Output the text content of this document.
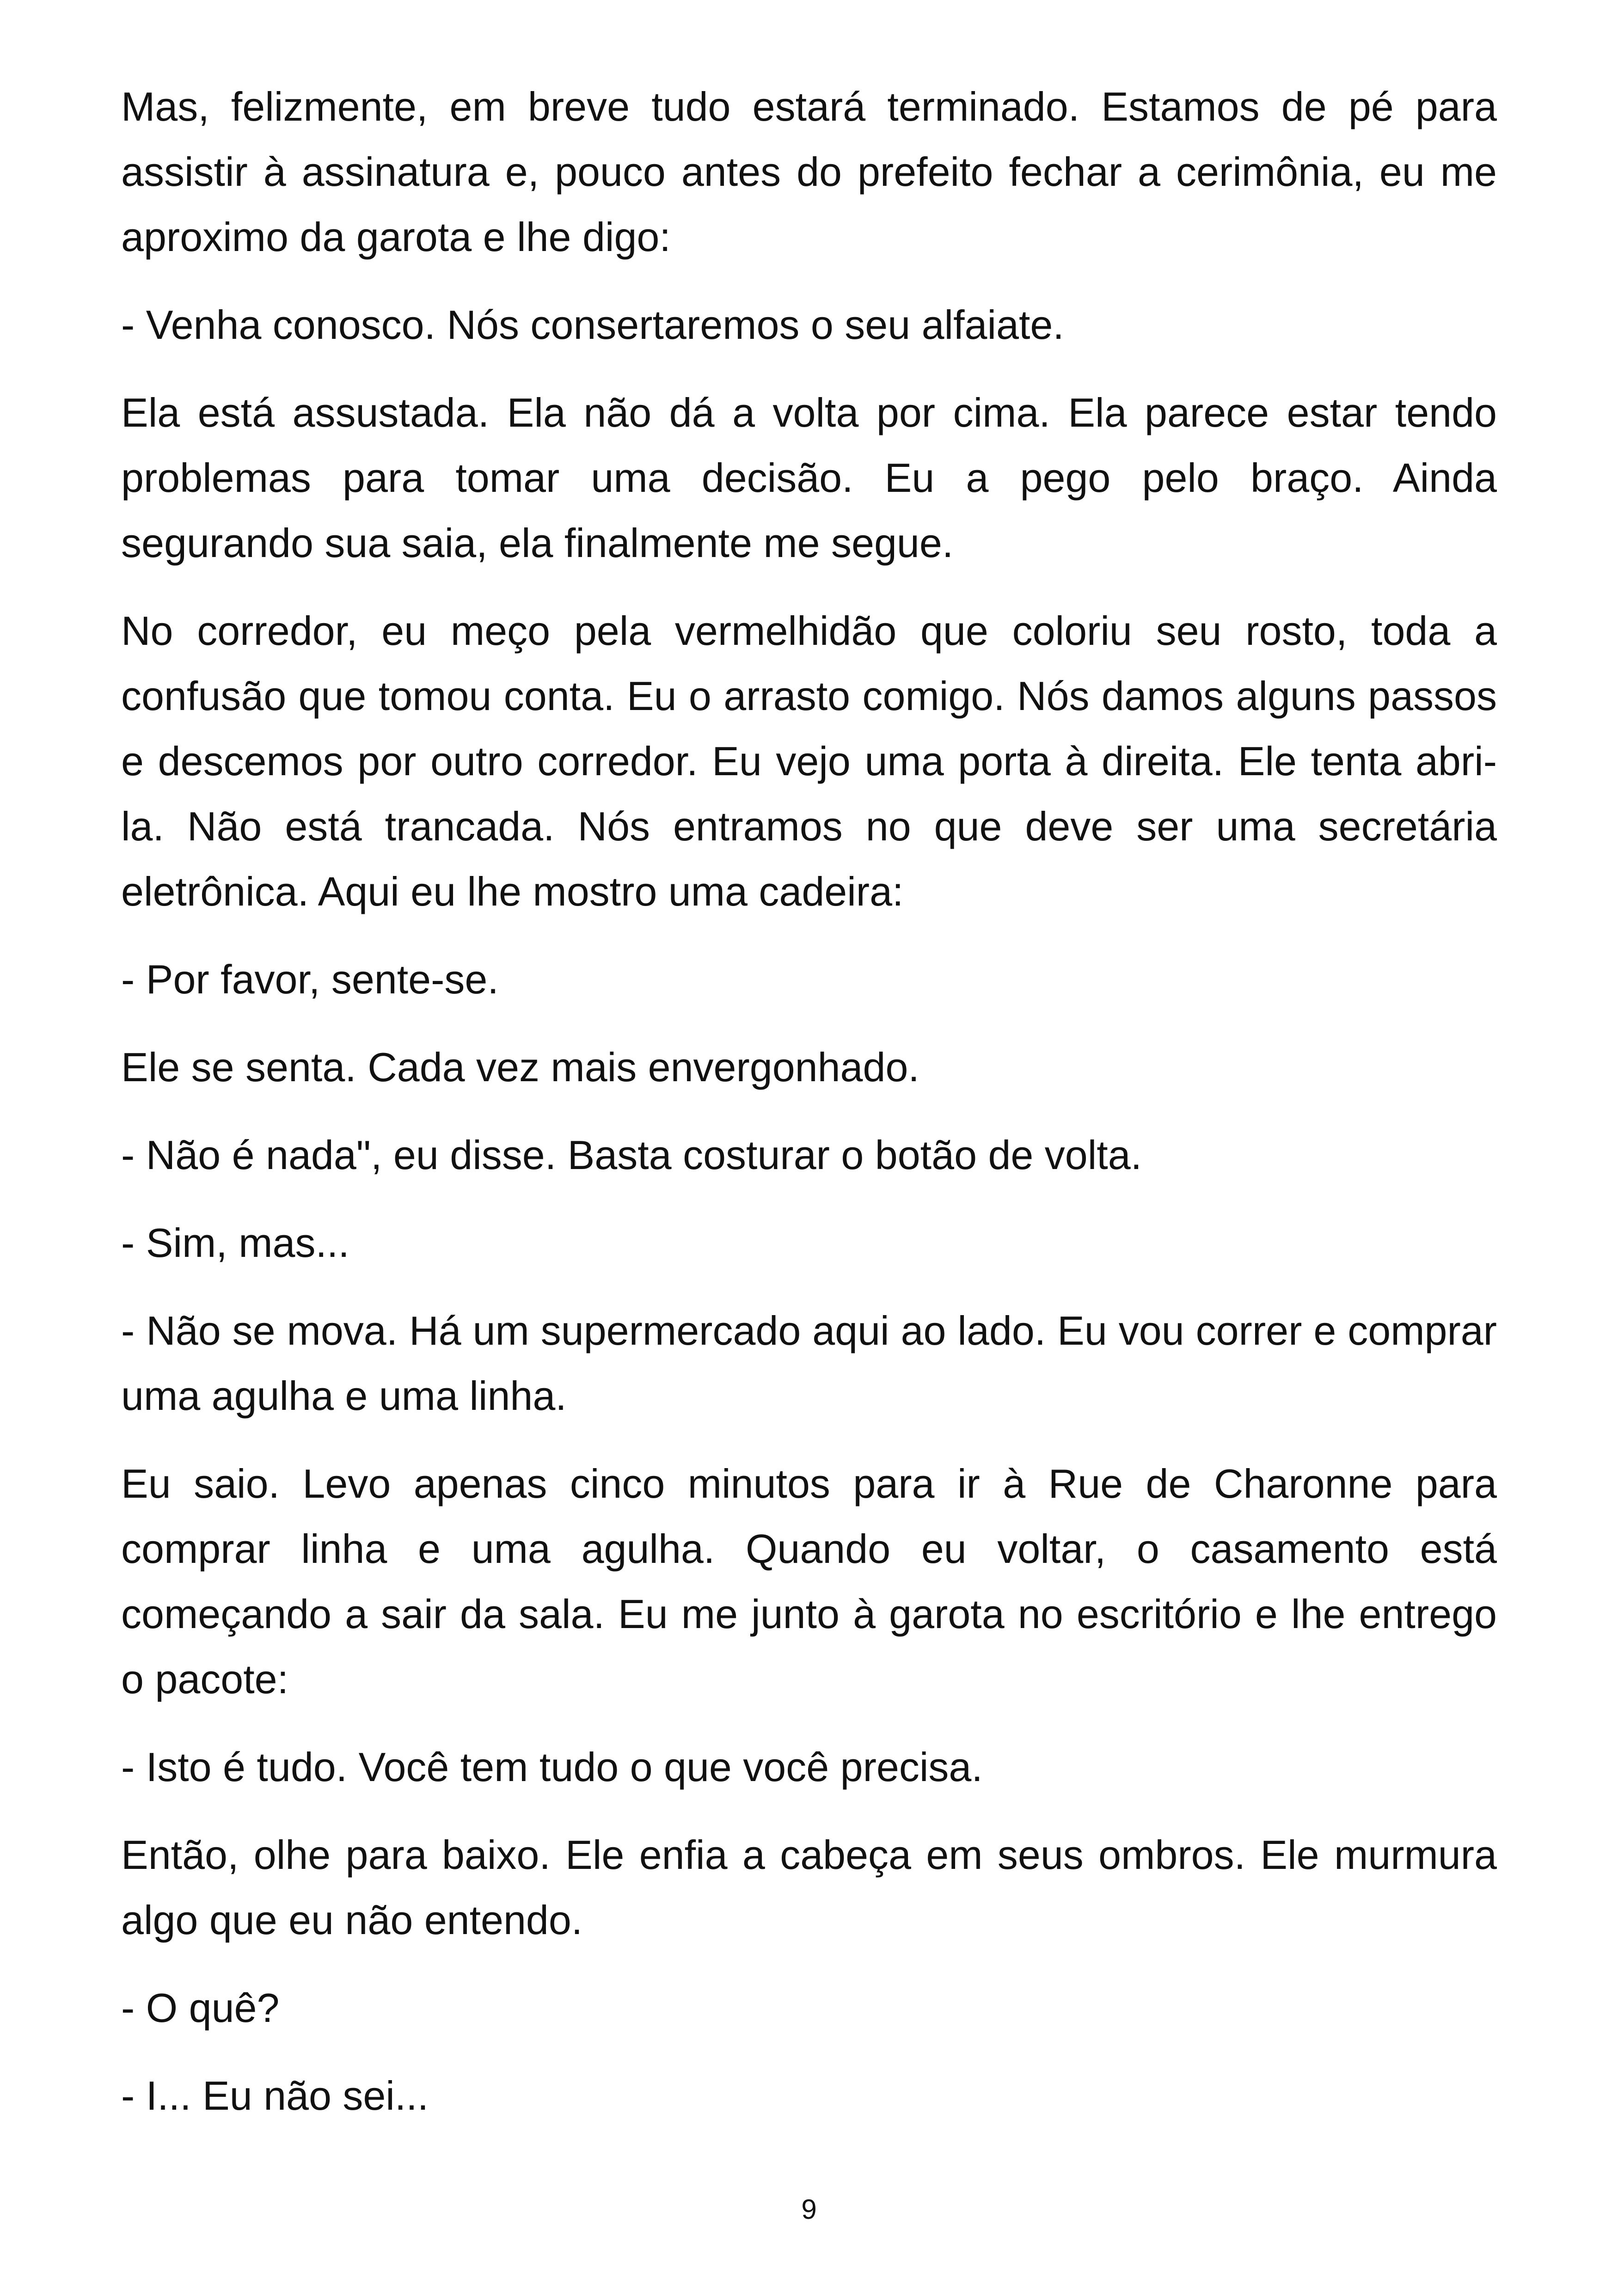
Mas, felizmente, em breve tudo estará terminado. Estamos de pé para assistir à assinatura e, pouco antes do prefeito fechar a cerimônia, eu me aproximo da garota e lhe digo:

- Venha conosco. Nós consertaremos o seu alfaiate.

Ela está assustada. Ela não dá a volta por cima. Ela parece estar tendo problemas para tomar uma decisão. Eu a pego pelo braço. Ainda segurando sua saia, ela finalmente me segue.

No corredor, eu meço pela vermelhidão que coloriu seu rosto, toda a confusão que tomou conta. Eu o arrasto comigo. Nós damos alguns passos e descemos por outro corredor. Eu vejo uma porta à direita. Ele tenta abri-la. Não está trancada. Nós entramos no que deve ser uma secretária eletrônica. Aqui eu lhe mostro uma cadeira:

- Por favor, sente-se.

Ele se senta. Cada vez mais envergonhado.

- Não é nada", eu disse. Basta costurar o botão de volta.

- Sim, mas...

- Não se mova. Há um supermercado aqui ao lado. Eu vou correr e comprar uma agulha e uma linha.

Eu saio. Levo apenas cinco minutos para ir à Rue de Charonne para comprar linha e uma agulha. Quando eu voltar, o casamento está começando a sair da sala. Eu me junto à garota no escritório e lhe entrego o pacote:

- Isto é tudo. Você tem tudo o que você precisa.

Então, olhe para baixo. Ele enfia a cabeça em seus ombros. Ele murmura algo que eu não entendo.

- O quê?

- I... Eu não sei...

9
